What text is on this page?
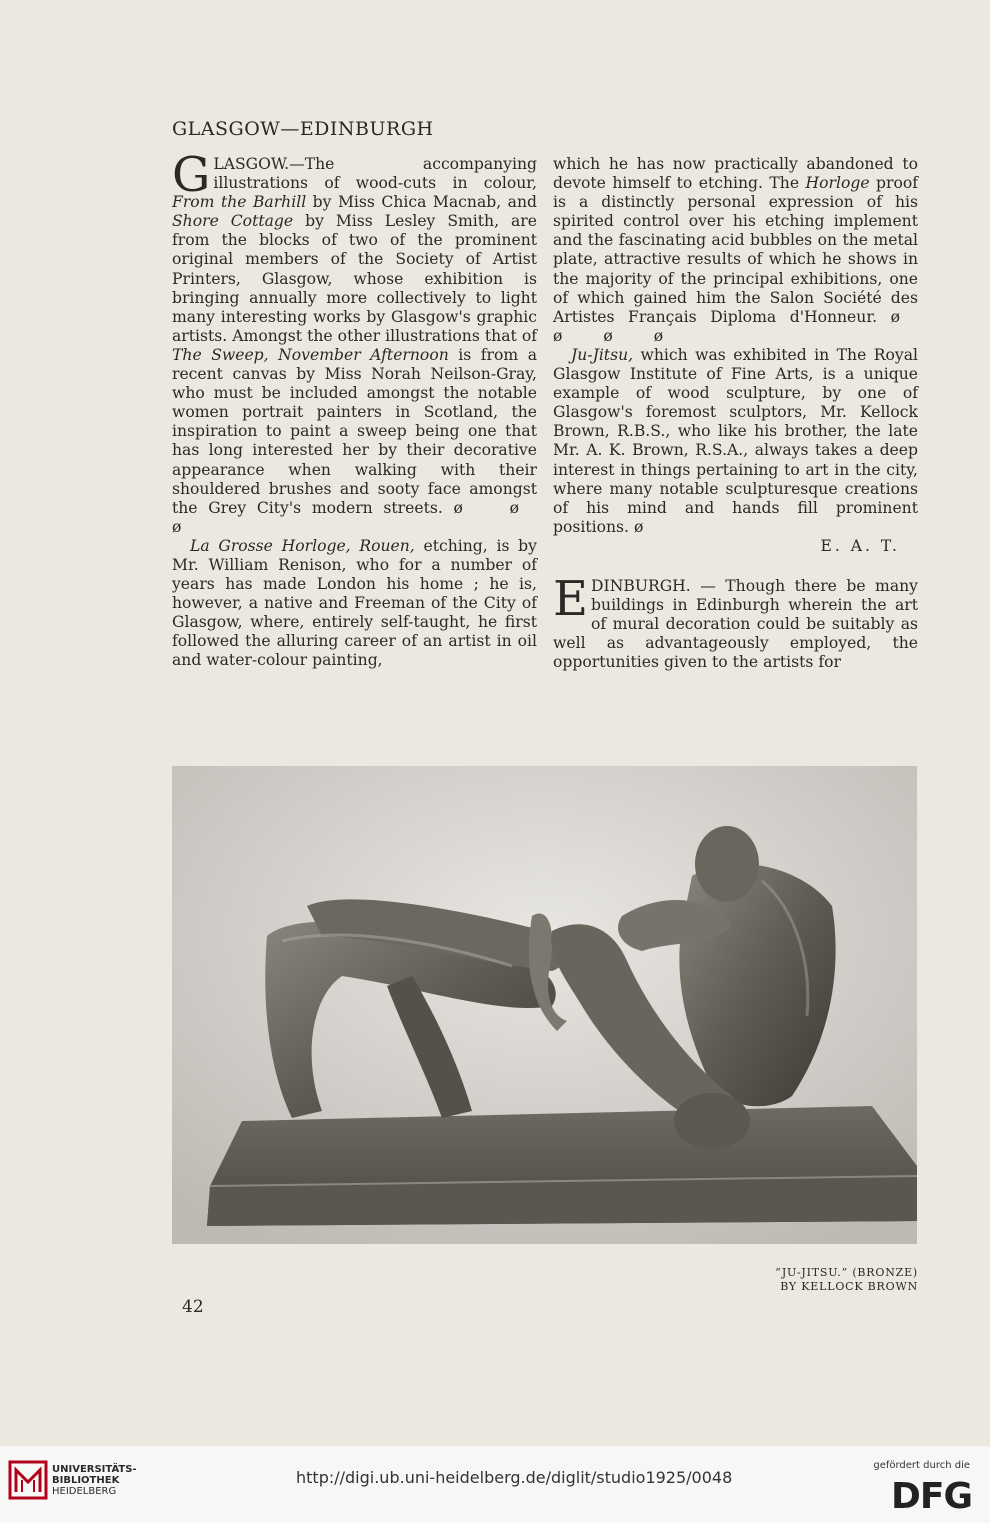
GLASGOW—EDINBURGH

GLASGOW.—The accompanying illustrations of wood-cuts in colour, From the Barhill by Miss Chica Macnab, and Shore Cottage by Miss Lesley Smith, are from the blocks of two of the prominent original members of the Society of Artist Printers, Glasgow, whose exhibition is bringing annually more collectively to light many interesting works by Glasgow's graphic artists. Amongst the other illustrations that of The Sweep, November Afternoon is from a recent canvas by Miss Norah Neilson-Gray, who must be included amongst the notable women portrait painters in Scotland, the inspiration to paint a sweep being one that has long interested her by their decorative appearance when walking with their shouldered brushes and sooty face amongst the Grey City's modern streets. ø ø ø

La Grosse Horloge, Rouen, etching, is by Mr. William Renison, who for a number of years has made London his home ; he is, however, a native and Freeman of the City of Glasgow, where, entirely self-taught, he first followed the alluring career of an artist in oil and water-colour painting,

which he has now practically abandoned to devote himself to etching. The Horloge proof is a distinctly personal expression of his spirited control over his etching implement and the fascinating acid bubbles on the metal plate, attractive results of which he shows in the majority of the principal exhibitions, one of which gained him the Salon Société des Artistes Français Diploma d'Honneur. ø ø ø ø

Ju-Jitsu, which was exhibited in The Royal Glasgow Institute of Fine Arts, is a unique example of wood sculpture, by one of Glasgow's foremost sculptors, Mr. Kellock Brown, R.B.S., who like his brother, the late Mr. A. K. Brown, R.S.A., always takes a deep interest in things pertaining to art in the city, where many notable sculpturesque creations of his mind and hands fill prominent positions. ø

E. A. T.

EDINBURGH. — Though there be many buildings in Edinburgh wherein the art of mural decoration could be suitably as well as advantageously employed, the opportunities given to the artists for

“JU-JITSU.” (BRONZE)
BY KELLOCK BROWN
42
UNIVERSITÄTS-
BIBLIOTHEK
HEIDELBERG
http://digi.ub.uni-heidelberg.de/diglit/studio1925/0048
gefördert durch die
DFG
